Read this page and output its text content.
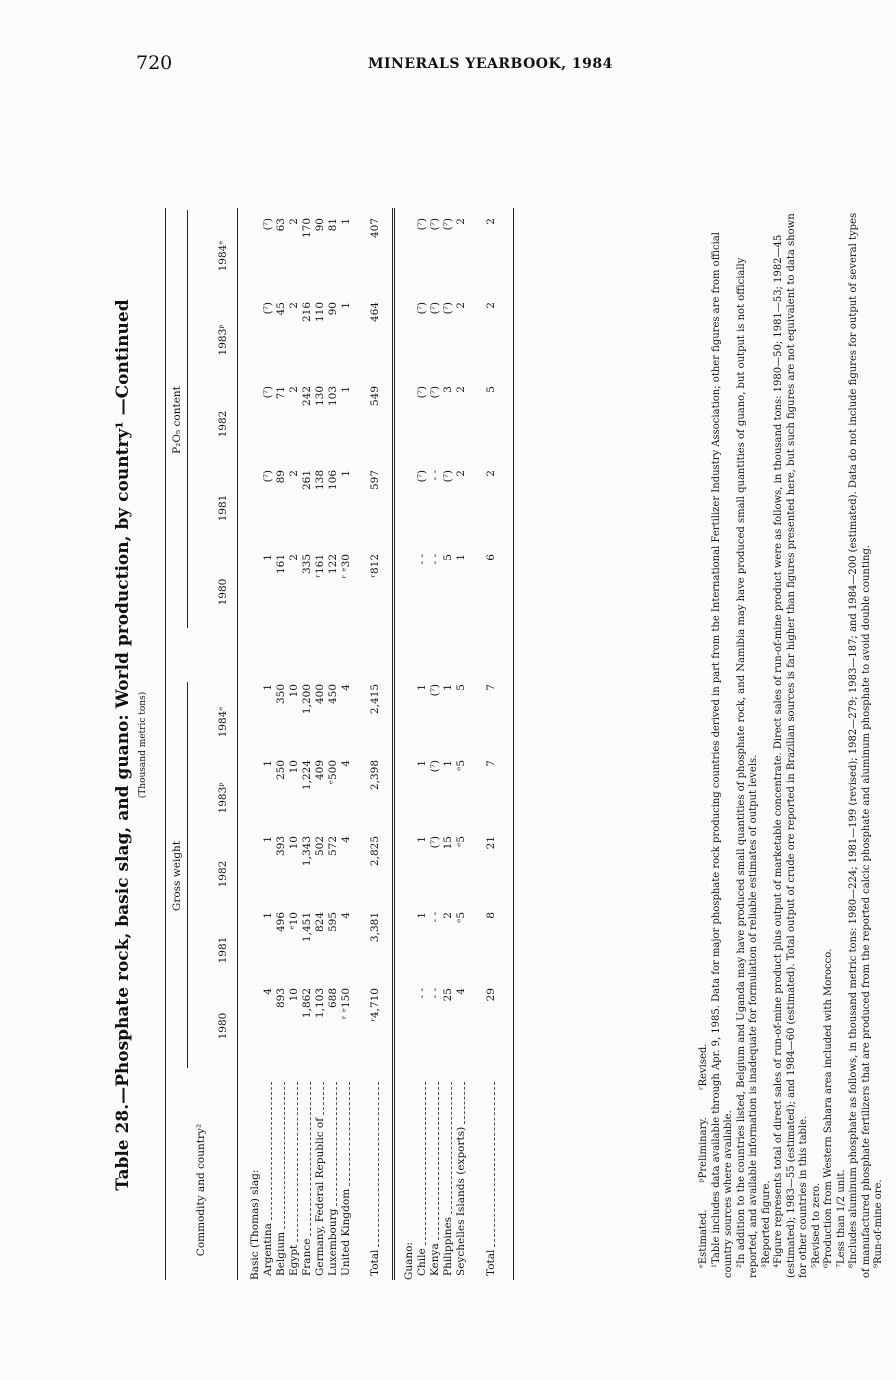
720	MINERALS YEARBOOK, 1984
Table 28.—Phosphate rock, basic slag, and guano: World production, by country¹ —Continued (Thousand metric tons)
Commodity and country²
Gross weight
P₂O₅ content
1980
1981
1982
1983ᵖ
1984ᵉ
1980
1981
1982
1983ᵖ
1984ᵉ
Basic (Thomas) slag: Argentina
4
1
1
1
1
1
(⁷)
(⁷)
(⁷)
(⁷)
Belgium
893
496
393
250
350
161
89
71
45
63
Egypt
10
ᵉ10
10
10
10
2
2
2
2
2
France
1,862
1,451
1,343
1,224
1,200
335
261
242
216
170
Germany, Federal Republic of
1,103
824
502
409
400
ʳ161
138
130
110
90
Luxembourg
688
595
572
ᵉ500
450
122
106
103
90
81
United Kingdom
ʳ ᵉ150
4
4
4
4
ʳ ᵉ30
1
1
1
1
Total
ʳ4,710
3,381
2,825
2,398
2,415
ʳ812
597
549
464
407
Guano: Chile
- -
1
1
1
1
- -
(⁷)
(⁷)
(⁷)
(⁷)
Kenya
- -
- -
(⁷)
(⁷)
(⁷)
- -
- -
(⁷)
(⁷)
(⁷)
Philippines
25
2
15
1
1
5
(⁷)
3
(⁷)
(⁷)
Seychelles Islands (exports)
4
ᵉ5
ᵉ5
ᵉ5
5
1
2
2
2
2
Total
29
8
21
7
7
6
2
5
2
2

ᵉEstimated. ᵖPreliminary. ʳRevised. ¹Table includes data available through Apr. 9, 1985. Data for major phosphate rock producing countries derived in part from the International Fertilizer Industry Association; other figures are from official country sources where available. ²In addition to the countries listed, Belgium and Uganda may have produced small quantities of phosphate rock, and Namibia may have produced small quantities of guano, but output is not officially reported, and available information is inadequate for formulation of reliable estimates of output levels. ³Reported figure. ⁴Figure represents total of direct sales of run-of-mine product plus output of marketable concentrate. Direct sales of run-of-mine product were as follows, in thousand tons: 1980—50; 1981—53; 1982—45 (estimated); 1983—55 (estimated); and 1984—60 (estimated). Total output of crude ore reported in Brazilian sources is far higher than figures presented here, but such figures are not equivalent to data shown for other countries in this table. ⁵Revised to zero. ⁶Production from Western Sahara area included with Morocco. ⁷Less than 1/2 unit. ⁸Includes aluminum phosphate as follows, in thousand metric tons: 1980—224; 1981—199 (revised); 1982—279; 1983—187; and 1984—200 (estimated). Data do not include figures for output of several types of manufactured phosphate fertilizers that are produced from the reported calcic phosphate and aluminum phosphate to avoid double counting. ⁹Run-of-mine ore.
